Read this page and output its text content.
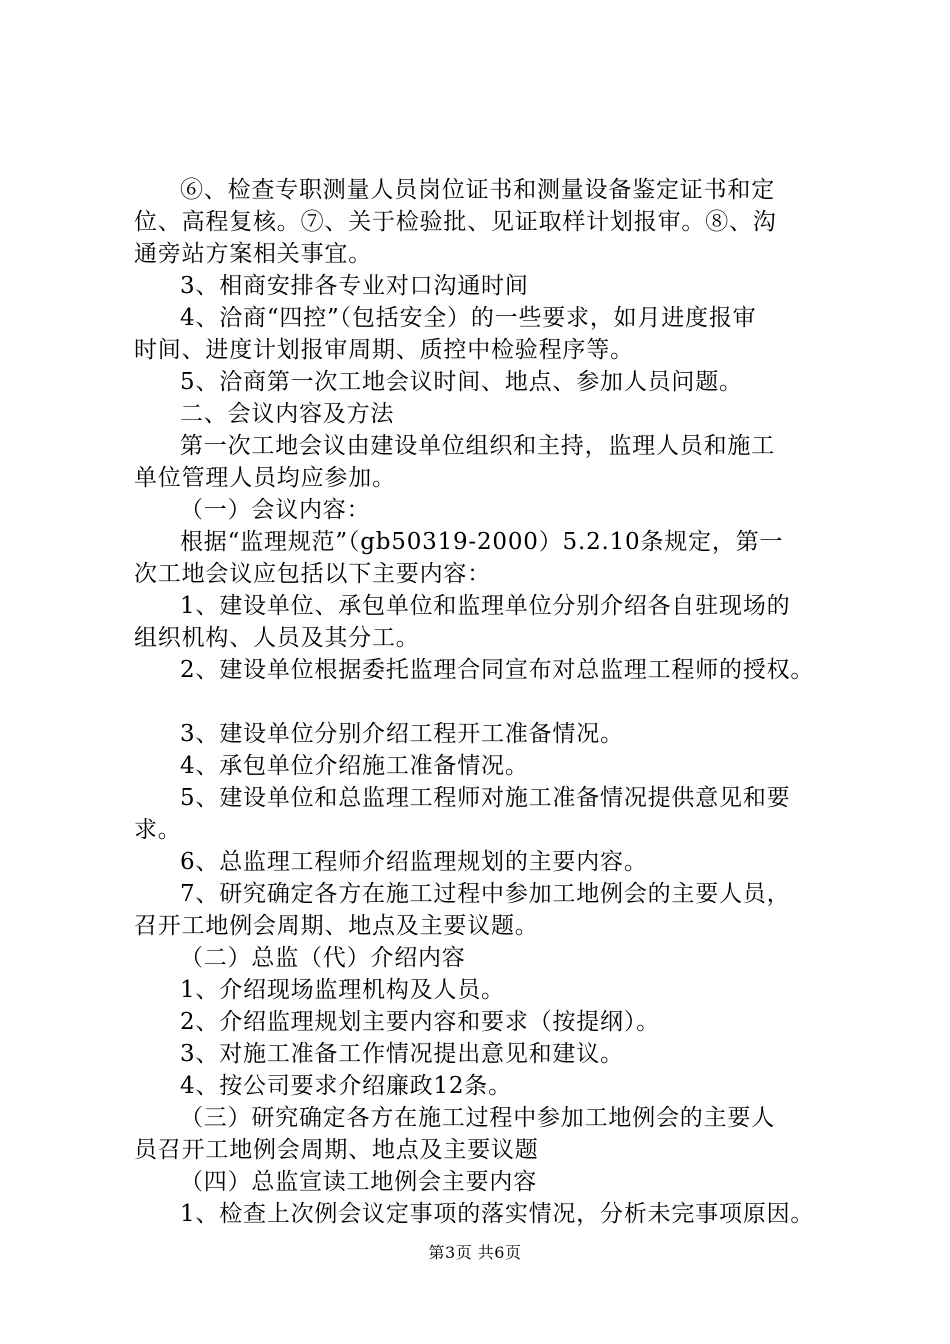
⑥、检查专职测量人员岗位证书和测量设备鉴定证书和定
位、高程复核。⑦、关于检验批、见证取样计划报审。⑧、沟
通旁站方案相关事宜。
3、相商安排各专业对口沟通时间
4、洽商“四控”（包括安全）的一些要求，如月进度报审
时间、进度计划报审周期、质控中检验程序等。
5、洽商第一次工地会议时间、地点、参加人员问题。
二、会议内容及方法
第一次工地会议由建设单位组织和主持，监理人员和施工
单位管理人员均应参加。
（一）会议内容：
根据“监理规范”（gb50319-2000）5.2.10条规定，第一
次工地会议应包括以下主要内容：
1、建设单位、承包单位和监理单位分别介绍各自驻现场的
组织机构、人员及其分工。
2、建设单位根据委托监理合同宣布对总监理工程师的授权。
3、建设单位分别介绍工程开工准备情况。
4、承包单位介绍施工准备情况。
5、建设单位和总监理工程师对施工准备情况提供意见和要
求。
6、总监理工程师介绍监理规划的主要内容。
7、研究确定各方在施工过程中参加工地例会的主要人员，
召开工地例会周期、地点及主要议题。
（二）总监（代）介绍内容
1、介绍现场监理机构及人员。
2、介绍监理规划主要内容和要求（按提纲）。
3、对施工准备工作情况提出意见和建议。
4、按公司要求介绍廉政12条。
（三）研究确定各方在施工过程中参加工地例会的主要人
员召开工地例会周期、地点及主要议题
（四）总监宣读工地例会主要内容
1、检查上次例会议定事项的落实情况，分析未完事项原因。
第3页 共6页
